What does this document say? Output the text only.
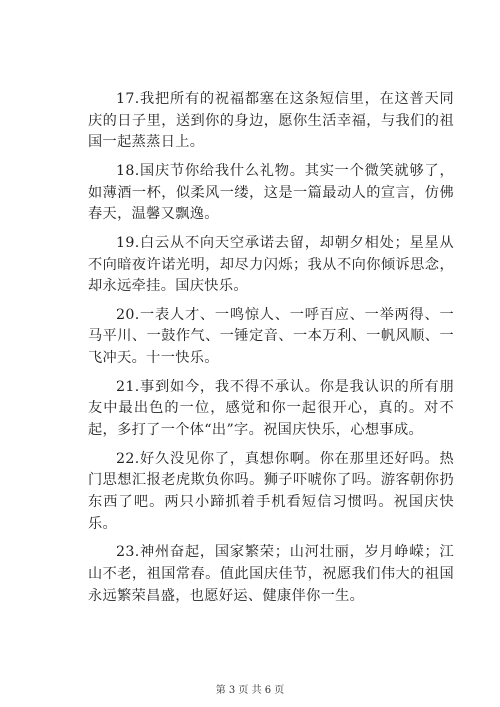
17.我把所有的祝福都塞在这条短信里，在这普天同庆的日子里，送到你的身边，愿你生活幸福，与我们的祖国一起蒸蒸日上。

18.国庆节你给我什么礼物。其实一个微笑就够了，如薄酒一杯，似柔风一缕，这是一篇最动人的宣言，仿佛春天，温馨又飘逸。

19.白云从不向天空承诺去留，却朝夕相处；星星从不向暗夜许诺光明，却尽力闪烁；我从不向你倾诉思念，却永远牵挂。国庆快乐。

20.一表人才、一鸣惊人、一呼百应、一举两得、一马平川、一鼓作气、一锤定音、一本万利、一帆风顺、一飞冲天。十一快乐。

21.事到如今，我不得不承认。你是我认识的所有朋友中最出色的一位，感觉和你一起很开心，真的。对不起，多打了一个体“出”字。祝国庆快乐，心想事成。

22.好久没见你了，真想你啊。你在那里还好吗。热门思想汇报老虎欺负你吗。狮子吓唬你了吗。游客朝你扔东西了吧。两只小蹄抓着手机看短信习惯吗。祝国庆快乐。

23.神州奋起，国家繁荣；山河壮丽，岁月峥嵘；江山不老，祖国常春。值此国庆佳节，祝愿我们伟大的祖国永远繁荣昌盛，也愿好运、健康伴你一生。

第 3 页 共 6 页
